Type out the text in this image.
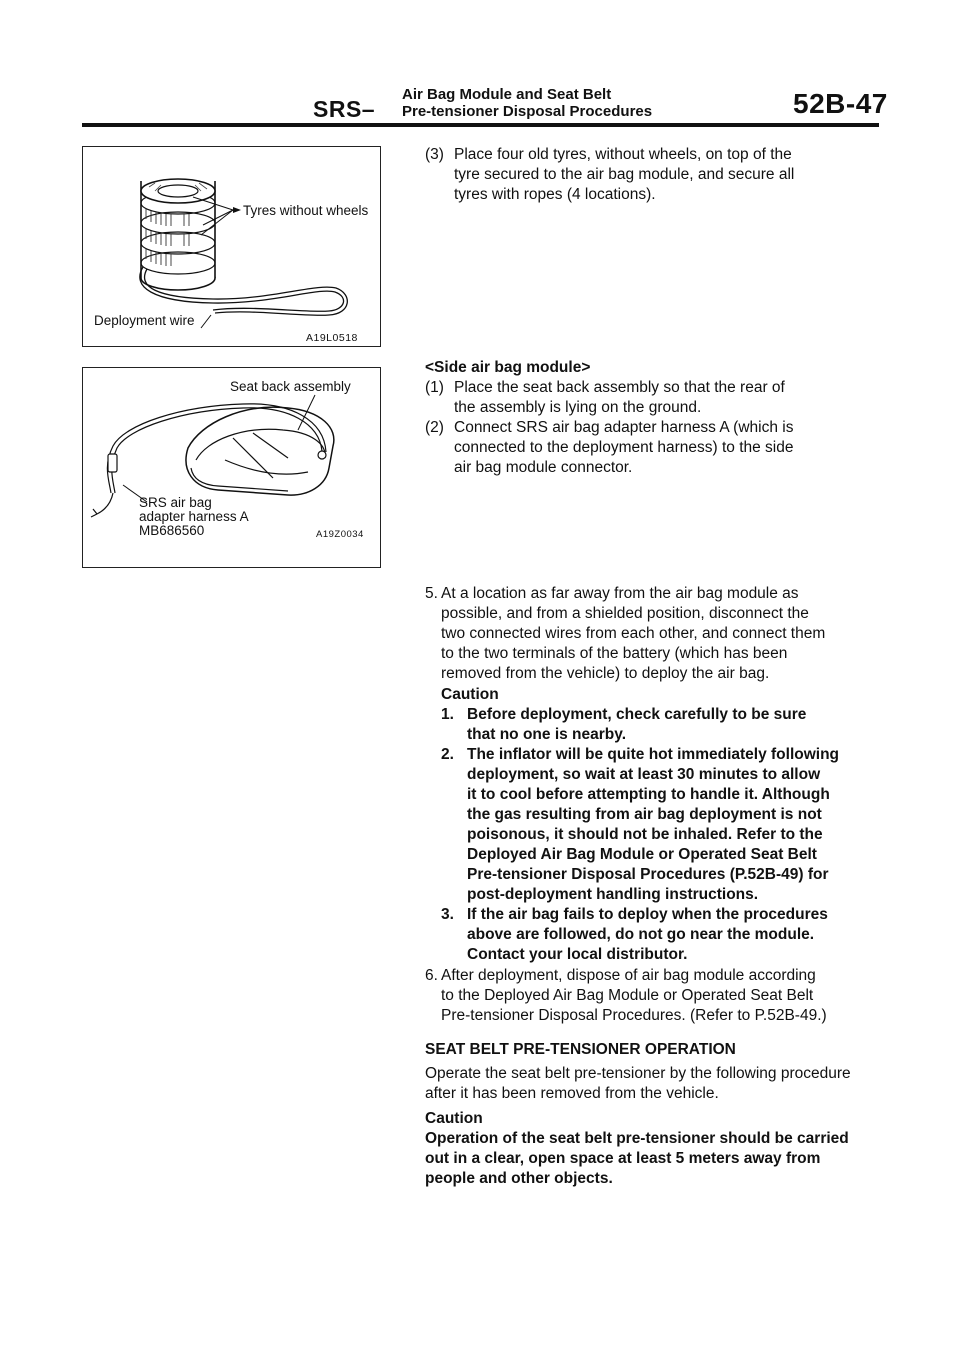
SRS–
Air Bag Module and Seat Belt
Pre-tensioner Disposal Procedures	52B-47
Tyres without wheels
Deployment wire
A19L0518
Seat back assembly
SRS air bag
adapter harness A
MB686560	A19Z0034
(3) Place four old tyres, without wheels, on top of the
tyre secured to the air bag module, and secure all
tyres with ropes (4 locations).
<Side air bag module>
(1) Place the seat back assembly so that the rear of
the assembly is lying on the ground.
(2) Connect SRS air bag adapter harness A (which is
connected to the deployment harness) to the side
air bag module connector.
5. At a location as far away from the air bag module as
possible, and from a shielded position, disconnect the
two connected wires from each other, and connect them
to the two terminals of the battery (which has been
removed from the vehicle) to deploy the air bag.
Caution
1. Before deployment, check carefully to be sure
that no one is nearby.
2. The inflator will be quite hot immediately following
deployment, so wait at least 30 minutes to allow
it to cool before attempting to handle it. Although
the gas resulting from air bag deployment is not
poisonous, it should not be inhaled. Refer to the
Deployed Air Bag Module or Operated Seat Belt
Pre-tensioner Disposal Procedures (P.52B-49) for
post-deployment handling instructions.
3. If the air bag fails to deploy when the procedures
above are followed, do not go near the module.
Contact your local distributor.
6. After deployment, dispose of air bag module according
to the Deployed Air Bag Module or Operated Seat Belt
Pre-tensioner Disposal Procedures. (Refer to P.52B-49.)
SEAT BELT PRE-TENSIONER OPERATION
Operate the seat belt pre-tensioner by the following procedure
after it has been removed from the vehicle.
Caution
Operation of the seat belt pre-tensioner should be carried
out in a clear, open space at least 5 meters away from
people and other objects.
